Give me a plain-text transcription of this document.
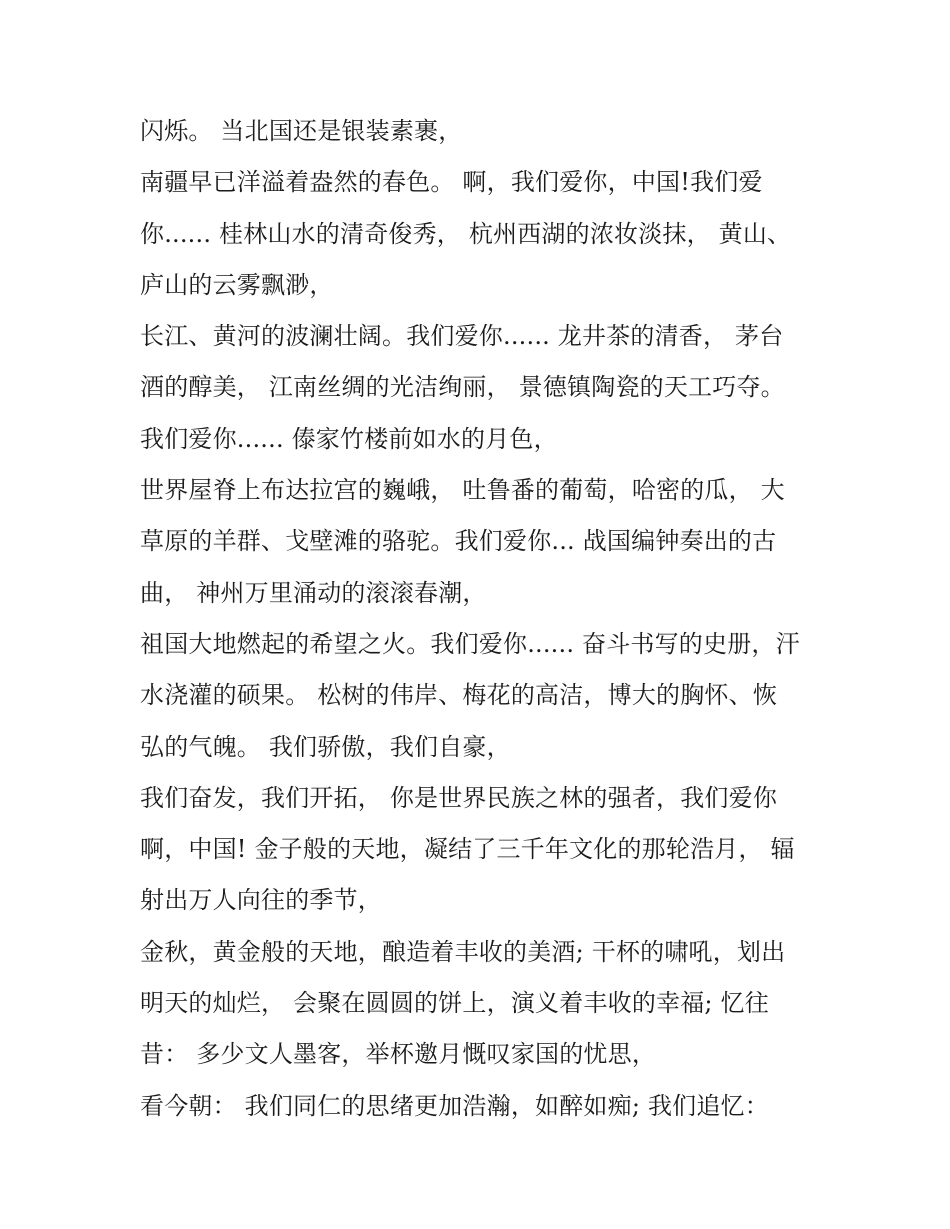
闪烁。 当北国还是银装素裹，
南疆早已洋溢着盎然的春色。 啊，我们爱你，中国!我们爱
你...... 桂林山水的清奇俊秀， 杭州西湖的浓妆淡抹， 黄山、
庐山的云雾飘渺，
长江、黄河的波澜壮阔。我们爱你...... 龙井茶的清香， 茅台
酒的醇美， 江南丝绸的光洁绚丽， 景德镇陶瓷的天工巧夺。
我们爱你...... 傣家竹楼前如水的月色，
世界屋脊上布达拉宫的巍峨， 吐鲁番的葡萄，哈密的瓜， 大
草原的羊群、戈壁滩的骆驼。我们爱你... 战国编钟奏出的古
曲， 神州万里涌动的滚滚春潮，
祖国大地燃起的希望之火。我们爱你...... 奋斗书写的史册，汗
水浇灌的硕果。 松树的伟岸、梅花的高洁，博大的胸怀、恢
弘的气魄。 我们骄傲，我们自豪，
我们奋发，我们开拓， 你是世界民族之林的强者，我们爱你
啊，中国! 金子般的天地，凝结了三千年文化的那轮浩月， 辐
射出万人向往的季节，
金秋，黄金般的天地，酿造着丰收的美酒; 干杯的啸吼，划出
明天的灿烂， 会聚在圆圆的饼上，演义着丰收的幸福; 忆往
昔： 多少文人墨客，举杯邀月慨叹家国的忧思，
看今朝： 我们同仁的思绪更加浩瀚，如醉如痴; 我们追忆：
